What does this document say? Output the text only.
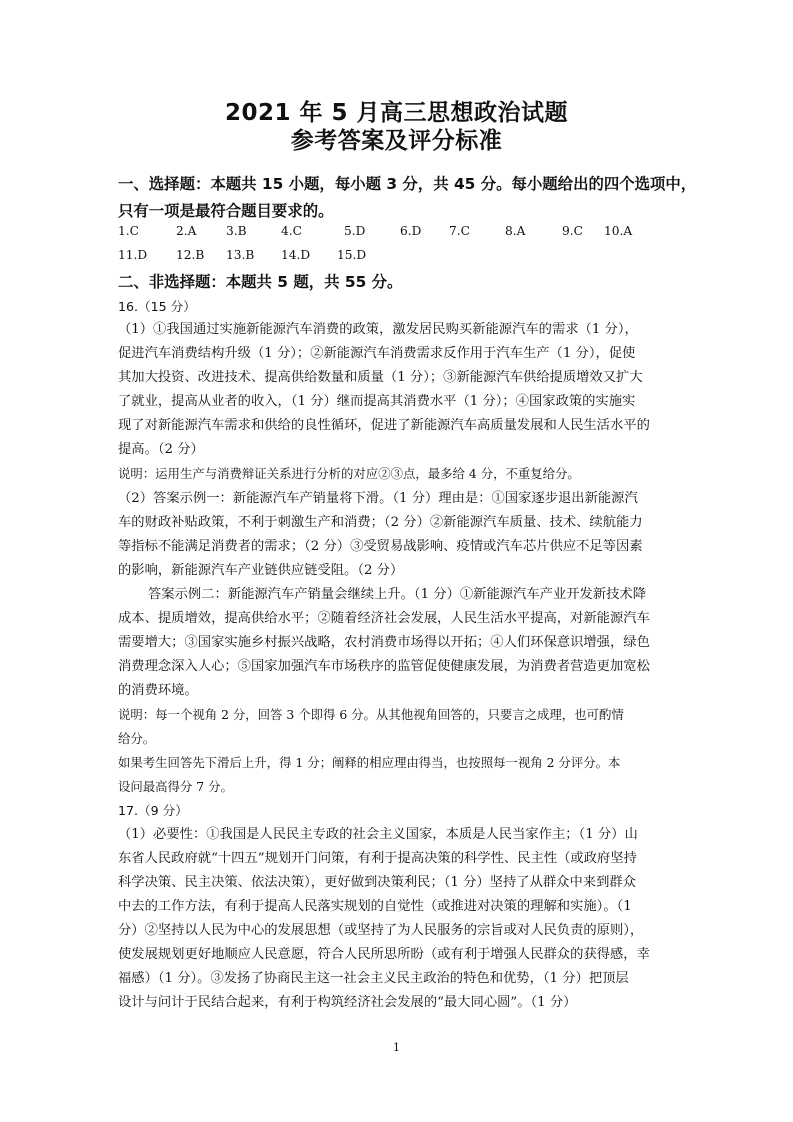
2021 年 5 月高三思想政治试题
参考答案及评分标准
一、选择题：本题共 15 小题，每小题 3 分，共 45 分。每小题给出的四个选项中，
只有一项是最符合题目要求的。
1.C	2.A 3.B	4.C	5.D	6.D 7.C	8.A	9.C 10.A
11.D 12.B 13.B 14.D 15.D
二、非选择题：本题共 5 题，共 55 分。
16.（15 分）
（1）①我国通过实施新能源汽车消费的政策，激发居民购买新能源汽车的需求（1 分），
促进汽车消费结构升级（1 分）；②新能源汽车消费需求反作用于汽车生产（1 分），促使
其加大投资、改进技术、提高供给数量和质量（1 分）；③新能源汽车供给提质增效又扩大
了就业，提高从业者的收入，（1 分）继而提高其消费水平（1 分）；④国家政策的实施实
现了对新能源汽车需求和供给的良性循环，促进了新能源汽车高质量发展和人民生活水平的
提高。（2 分）
说明：运用生产与消费辩证关系进行分析的对应②③点，最多给 4 分，不重复给分。
（2）答案示例一：新能源汽车产销量将下滑。（1 分）理由是：①国家逐步退出新能源汽
车的财政补贴政策，不利于刺激生产和消费；（2 分）②新能源汽车质量、技术、续航能力
等指标不能满足消费者的需求；（2 分）③受贸易战影响、疫情或汽车芯片供应不足等因素
的影响，新能源汽车产业链供应链受阻。（2 分）
答案示例二：新能源汽车产销量会继续上升。（1 分）①新能源汽车产业开发新技术降
成本、提质增效，提高供给水平；②随着经济社会发展，人民生活水平提高，对新能源汽车
需要增大；③国家实施乡村振兴战略，农村消费市场得以开拓；④人们环保意识增强，绿色
消费理念深入人心；⑤国家加强汽车市场秩序的监管促使健康发展，为消费者营造更加宽松
的消费环境。
说明：每一个视角 2 分，回答 3 个即得 6 分。从其他视角回答的，只要言之成理，也可酌情
给分。
如果考生回答先下滑后上升，得 1 分；阐释的相应理由得当，也按照每一视角 2 分评分。本
设问最高得分 7 分。
17.（9 分）
（1）必要性：①我国是人民民主专政的社会主义国家，本质是人民当家作主；（1 分）山
东省人民政府就“十四五”规划开门问策，有利于提高决策的科学性、民主性（或政府坚持
科学决策、民主决策、依法决策），更好做到决策利民；（1 分）坚持了从群众中来到群众
中去的工作方法，有利于提高人民落实规划的自觉性（或推进对决策的理解和实施）。（1
分）②坚持以人民为中心的发展思想（或坚持了为人民服务的宗旨或对人民负责的原则），
使发展规划更好地顺应人民意愿，符合人民所思所盼（或有利于增强人民群众的获得感，幸
福感）（1 分）。③发扬了协商民主这一社会主义民主政治的特色和优势，（1 分）把顶层
设计与问计于民结合起来，有利于构筑经济社会发展的“最大同心圆”。（1 分）
1
